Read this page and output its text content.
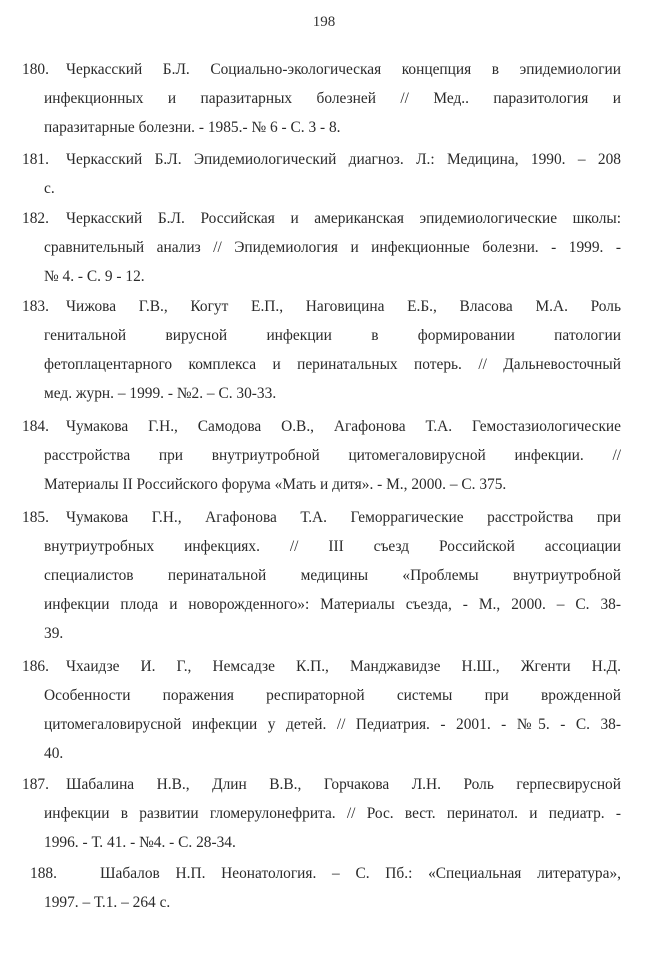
198
180.	Черкасский Б.Л. Социально-экологическая концепция в эпидемиологии
инфекционных и паразитарных болезней // Мед.. паразитология и
паразитарные болезни. - 1985.- № 6 - С. 3 - 8.
181.	Черкасский Б.Л. Эпидемиологический диагноз. Л.: Медицина, 1990. – 208
с.
182.	Черкасский Б.Л. Российская и американская эпидемиологические школы:
сравнительный анализ // Эпидемиология и инфекционные болезни. - 1999. -
№ 4. - С. 9 - 12.
183.	Чижова Г.В., Когут Е.П., Наговицина Е.Б., Власова М.А. Роль
генитальной вирусной инфекции в формировании патологии
фетоплацентарного комплекса и перинатальных потерь. // Дальневосточный
мед. журн. – 1999. - №2. – С. 30-33.
184.	Чумакова Г.Н., Самодова О.В., Агафонова Т.А. Гемостазиологические
расстройства при внутриутробной цитомегаловирусной инфекции. //
Материалы II Российского форума «Мать и дитя». - М., 2000. – С. 375.
185.	Чумакова Г.Н., Агафонова Т.А. Геморрагические расстройства при
внутриутробных инфекциях. // III съезд Российской ассоциации
специалистов перинатальной медицины «Проблемы внутриутробной
инфекции плода и новорожденного»: Материалы съезда, - М., 2000. – С. 38-
39.
186.	Чхаидзе И. Г., Немсадзе К.П., Манджавидзе Н.Ш., Жгенти Н.Д.
Особенности поражения респираторной системы при врожденной
цитомегаловирусной инфекции у детей. // Педиатрия. - 2001. - №5. - С. 38-
40.
187.	Шабалина Н.В., Длин В.В., Горчакова Л.Н. Роль герпесвирусной
инфекции в развитии гломерулонефрита. // Рос. вест. перинатол. и педиатр. -
1996. - Т. 41. - №4. - С. 28-34.
188.	Шабалов Н.П. Неонатология. – С. Пб.: «Специальная литература»,
1997. – Т.1. – 264 с.
